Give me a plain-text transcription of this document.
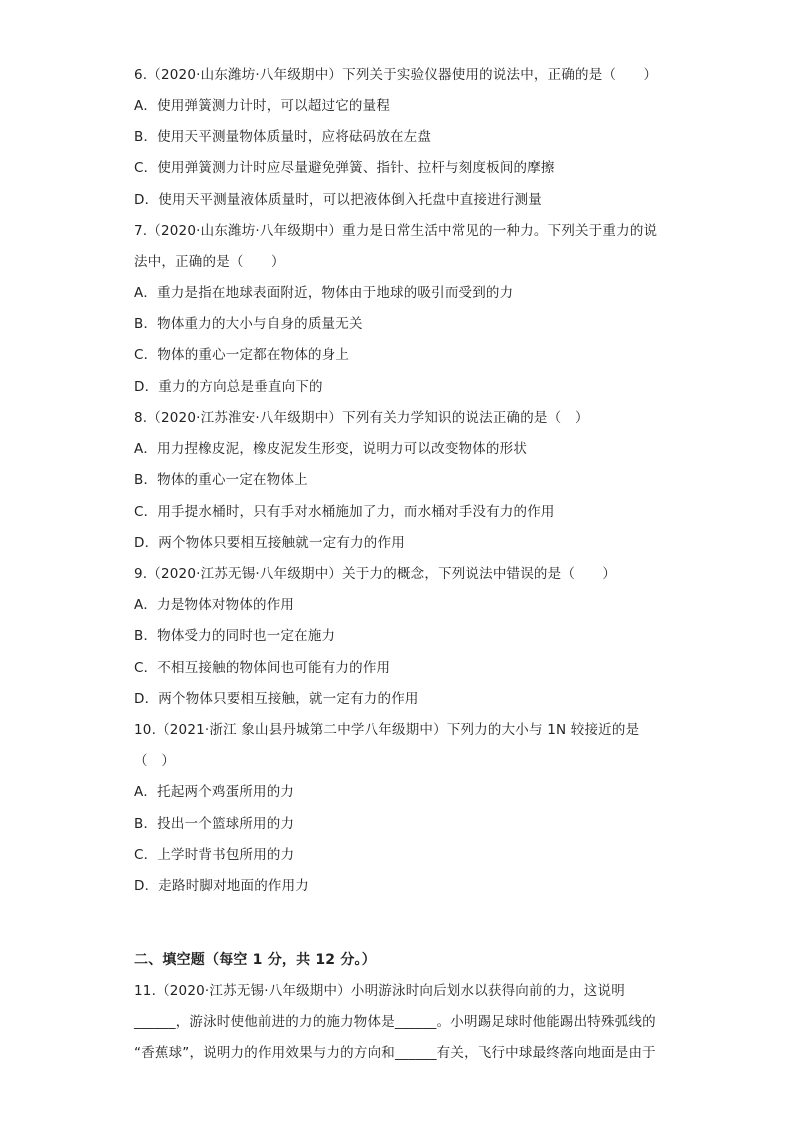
6.（2020·山东潍坊·八年级期中）下列关于实验仪器使用的说法中，正确的是（　　）
A．使用弹簧测力计时，可以超过它的量程
B．使用天平测量物体质量时，应将砝码放在左盘
C．使用弹簧测力计时应尽量避免弹簧、指针、拉杆与刻度板间的摩擦
D．使用天平测量液体质量时，可以把液体倒入托盘中直接进行测量
7.（2020·山东潍坊·八年级期中）重力是日常生活中常见的一种力。下列关于重力的说
法中，正确的是（　　）
A．重力是指在地球表面附近，物体由于地球的吸引而受到的力
B．物体重力的大小与自身的质量无关
C．物体的重心一定都在物体的身上
D．重力的方向总是垂直向下的
8.（2020·江苏淮安·八年级期中）下列有关力学知识的说法正确的是（　）
A．用力捏橡皮泥，橡皮泥发生形变，说明力可以改变物体的形状
B．物体的重心一定在物体上
C．用手提水桶时，只有手对水桶施加了力，而水桶对手没有力的作用
D．两个物体只要相互接触就一定有力的作用
9.（2020·江苏无锡·八年级期中）关于力的概念，下列说法中错误的是（　　）
A．力是物体对物体的作用
B．物体受力的同时也一定在施力
C．不相互接触的物体间也可能有力的作用
D．两个物体只要相互接触，就一定有力的作用
10.（2021·浙江 象山县丹城第二中学八年级期中）下列力的大小与 1N 较接近的是
（　）
A．托起两个鸡蛋所用的力
B．投出一个篮球所用的力
C．上学时背书包所用的力
D．走路时脚对地面的作用力
二、填空题（每空 1 分，共 12 分。）
11.（2020·江苏无锡·八年级期中）小明游泳时向后划水以获得向前的力，这说明
______，游泳时使他前进的力的施力物体是______。小明踢足球时他能踢出特殊弧线的
“香蕉球”，说明力的作用效果与力的方向和______有关，飞行中球最终落向地面是由于
